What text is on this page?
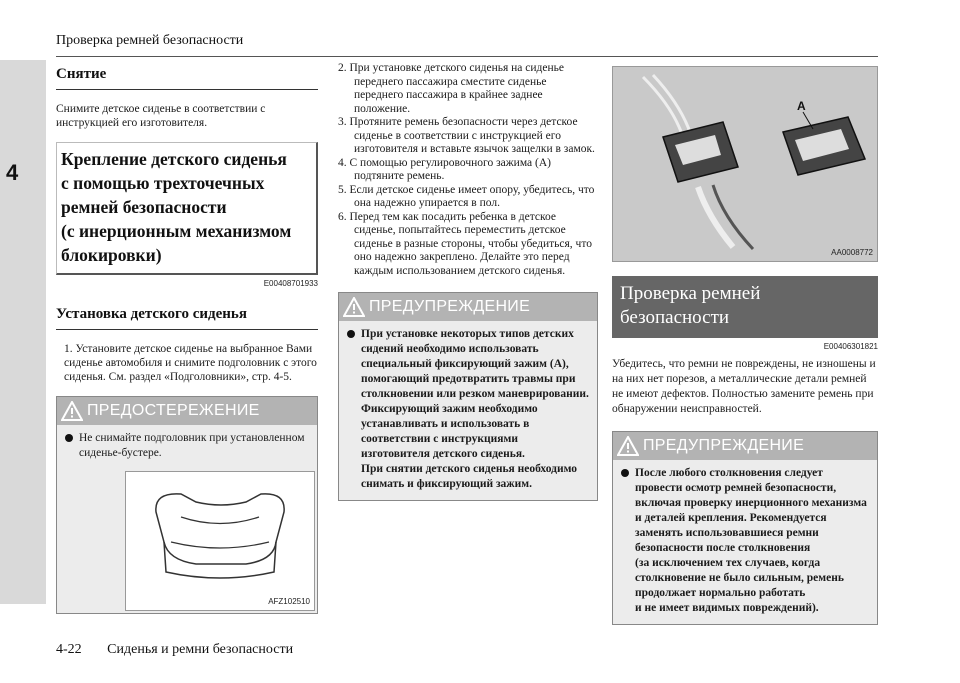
4
Проверка ремней безопасности
Снятие
Снимите детское сиденье в соответствии с инструкцией его изготовителя.
Крепление детского сиденья
с помощью трехточечных
ремней безопасности
(с инерционным механизмом
блокировки)
E00408701933
Установка детского сиденья
1. Установите детское сиденье на выбранное Вами сиденье автомобиля и снимите подголовник с этого сиденья. См. раздел «Подголовники», стр. 4-5.
ПРЕДОСТЕРЕЖЕНИЕ
Не снимайте подголовник при установленном сиденье-бустере.
AFZ102510
2. При установке детского сиденья на сиденье переднего пассажира сместите сиденье переднего пассажира в крайнее заднее положение.
3. Протяните ремень безопасности через детское сиденье в соответствии с инструкцией его изготовителя и вставьте язычок защелки в замок.
4. С помощью регулировочного зажима (А) подтяните ремень.
5. Если детское сиденье имеет опору, убедитесь, что она надежно упирается в пол.
6. Перед тем как посадить ребенка в детское сиденье, попытайтесь переместить детское сиденье в разные стороны, чтобы убедиться, что оно надежно закреплено. Делайте это перед каждым использованием детского сиденья.
ПРЕДУПРЕЖДЕНИЕ
При установке некоторых типов детских сидений необходимо использовать специальный фиксирующий зажим (А), помогающий предотвратить травмы при столкновении или резком маневрировании.
Фиксирующий зажим необходимо устанавливать и использовать в соответствии с инструкциями изготовителя детского сиденья.
При снятии детского сиденья необходимо снимать и фиксирующий зажим.
A
AA0008772
Проверка ремней
безопасности
E00406301821
Убедитесь, что ремни не повреждены, не изношены и на них нет порезов, а металлические детали ремней не имеют дефектов. Полностью замените ремень при обнаружении неисправностей.
ПРЕДУПРЕЖДЕНИЕ
После любого столкновения следует провести осмотр ремней безопасности, включая проверку инерционного механизма и деталей крепления. Рекомендуется заменять использовавшиеся ремни безопасности после столкновения
(за исключением тех случаев, когда столкновение не было сильным, ремень продолжает нормально работать
и не имеет видимых повреждений).
4-22 Сиденья и ремни безопасности
